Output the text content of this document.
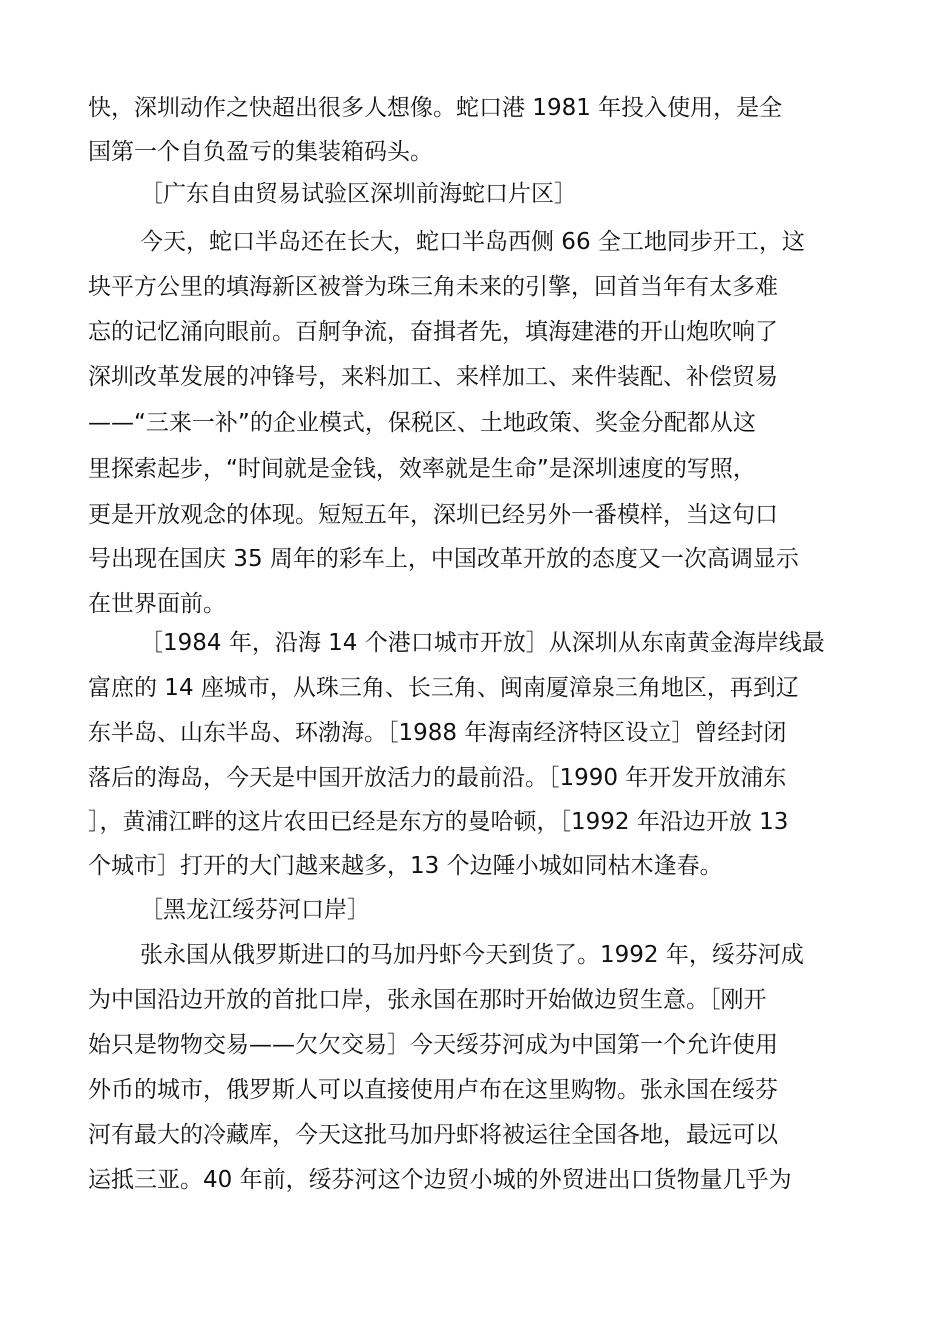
快，深圳动作之快超出很多人想像。蛇口港 1981 年投入使用，是全
国第一个自负盈亏的集装箱码头。
［广东自由贸易试验区深圳前海蛇口片区］
今天，蛇口半岛还在长大，蛇口半岛西侧 66 全工地同步开工，这
块平方公里的填海新区被誉为珠三角未来的引擎，回首当年有太多难
忘的记忆涌向眼前。百舸争流，奋揖者先，填海建港的开山炮吹响了
深圳改革发展的冲锋号，来料加工、来样加工、来件装配、补偿贸易
——“三来一补”的企业模式，保税区、土地政策、奖金分配都从这
里探索起步，“时间就是金钱，效率就是生命”是深圳速度的写照，
更是开放观念的体现。短短五年，深圳已经另外一番模样，当这句口
号出现在国庆 35 周年的彩车上，中国改革开放的态度又一次高调显示
在世界面前。
［1984 年，沿海 14 个港口城市开放］从深圳从东南黄金海岸线最
富庶的 14 座城市，从珠三角、长三角、闽南厦漳泉三角地区，再到辽
东半岛、山东半岛、环渤海。［1988 年海南经济特区设立］曾经封闭
落后的海岛，今天是中国开放活力的最前沿。［1990 年开发开放浦东
］，黄浦江畔的这片农田已经是东方的曼哈顿，［1992 年沿边开放 13
个城市］打开的大门越来越多，13 个边陲小城如同枯木逢春。
［黑龙江绥芬河口岸］
张永国从俄罗斯进口的马加丹虾今天到货了。1992 年，绥芬河成
为中国沿边开放的首批口岸，张永国在那时开始做边贸生意。［刚开
始只是物物交易——欠欠交易］今天绥芬河成为中国第一个允许使用
外币的城市，俄罗斯人可以直接使用卢布在这里购物。张永国在绥芬
河有最大的冷藏库，今天这批马加丹虾将被运往全国各地，最远可以
运抵三亚。40 年前，绥芬河这个边贸小城的外贸进出口货物量几乎为
